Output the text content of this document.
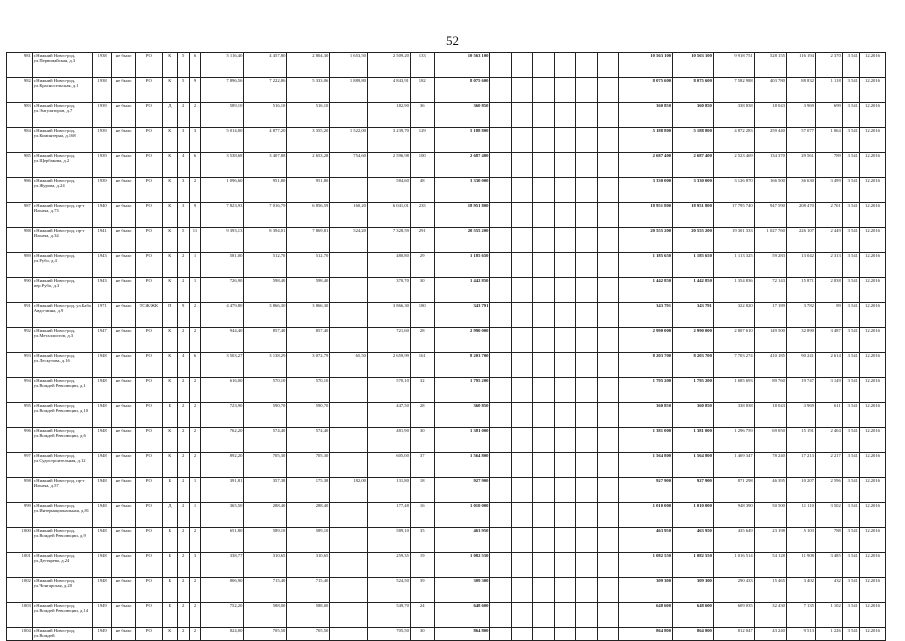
52
981	г.Нижний Новго-род, ул.Первомайская, д.3	1938	не было	РО	К	5	6	5 116,40	4 457,80	2 804,30	1 653,50	2 509,20	133	10 563 100							10 563 100	10 563 100	9 918 751	528 155	116 194	2 370	3 541	12.2016
982	г.Нижний Новго-род, ул.Красносельская, д.1	1938	не было	РО	К	5	9	7 896,56	7 222,86	5 333,06	1 889,80	4 843,91	182	8 075 600							8 075 600	8 075 600	7 582 988	403 780	88 832	1 118	3 541	12.2016
983	г.Нижний Новго-род, ул.Энгуляторов, д.7	1939	не было	РО	Д	2	2	589,10	516,10	516,10		182,90	36	360 850							360 850	360 850	338 838	18 043	3 969	699	3 541	12.2016
984	г.Нижний Новго-род, ул.Коминтерна, д.168	1939	не было	РО	К	3	3	5 014,00	4 877,20	3 355,20	1 522,00	3 239,70	129	5 188 800							5 188 800	5 188 800	4 872 283	259 440	57 077	1 064	3 541	12.2016
985	г.Нижний Новго-род, ул.Щербакова, д.2	1939	не было	РО	К	4	6	3 538,68	3 407,88	2 653,28	754,60	2 596,98	100	2 687 400							2 687 400	2 687 400	2 523 469	134 370	29 561	789	3 541	12.2016
986	г.Нижний Новго-род, ул.Журова, д.24	1939	не было	РО	К	3	2	1 096,60	951,80	951,80		584,60	48	3 330 000							3 330 000	3 330 000	3 126 870	166 500	36 630	3 499	3 541	12.2016
987	г.Нижний Новго-род, пр-т Ильича, д.73	1940	не было	РО	К	3	9	7 823,93	7 016,79	6 856,59	160,20	6 041,01	235	18 951 800							18 951 800	18 951 800	17 795 740	947 590	208 470	2 701	3 541	12.2016
988	г.Нижний Новго-род, пр-т Ильича, д.34	1941	не было	РО	К	5	11	9 393,13	8 394,01	7 869,81	524,20	7 328,59	291	20 555 200							20 555 200	20 555 200	19 301 333	1 027 760	226 107	2 449	3 541	12.2016
989	г.Нижний Новго-род, ул.Рубо, д.4	1943	не было	РО	К	2	1	581,00	512,70	512,70		480,80	29	1 185 650							1 185 650	1 185 650	1 113 325	59 283	13 042	2 313	3 541	12.2016
990	г.Нижний Новго-род, пер.Рубо, д.3	1943	не было	РО	К	2	1	726,90	598,40	598,40		370,70	30	1 442 850							1 442 850	1 442 850	1 354 836	72 143	15 871	2 838	3 541	12.2016
991	г.Нижний Новго-род, ул.Баба Авдо-мина, д.9	1971	не было	ТСЖ/ЖК	П	9	2	4 479,80	3 866,30	3 866,30		3 866,30	180	343 791							343 791	343 791	322 820	17 189	3 782	89	3 541	12.2016
992	г.Нижний Новго-род, ул.Металлистов, д.3	1947	не было	РО	К	2	2	944,40	857,40	857,40		721,60	28	2 990 000							2 990 000	2 990 000	2 807 610	149 500	32 890	3 487	3 541	12.2016
993	г.Нижний Новго-род, ул.Лескутова, д.16	1948	не было	РО	К	4	6	3 503,27	3 138,29	3 072,79	65,50	2 659,99	161	8 203 700							8 203 700	8 203 700	7 703 274	410 185	90 241	2 614	3 541	12.2016
994	г.Нижний Новго-род, ул.Вождей Революции, д.1	1948	не было	РО	К	2	2	616,00	570,10	570,10		570,10	32	1 795 200							1 795 200	1 795 200	1 685 693	89 760	19 747	3 149	3 541	12.2016
995	г.Нижний Новго-род, ул.Вождей Революции, д.10	1948	не было	РО	Б	2	2	723,90	590,70	590,70		447,50	28	360 850							360 850	360 850	338 838	18 043	3 969	611	3 541	12.2016
996	г.Нижний Новго-род, ул.Вождей Революции, д.6	1948	не было	РО	К	2	2	762,20	574,40	574,40		481,90	30	1 381 000							1 381 000	1 381 000	1 296 759	69 050	15 191	2 404	3 541	12.2016
997	г.Нижний Новго-род, ул.Судостроительная, д.12	1948	не было	РО	К	2	2	892,20	705,30	705,30		605,00	37	1 564 800							1 564 800	1 564 800	1 469 347	78 240	17 213	2 217	3 541	12.2016
998	г.Нижний Новго-род, пр-т Ильича, д.57	1948	не было	РО	Б	2	1	391,81	357,38	175,38	182,00	131,80	18	927 900							927 900	927 900	871 298	46 395	10 207	2 596	3 541	12.2016
999	г.Нижний Новго-род, ул.Интернациональная, д.81	1948	не было	РО	Д	2	1	365,50	288,40	288,40		177,48	16	1 010 000							1 010 000	1 010 000	948 390	50 500	11 110	3 502	3 541	12.2016
1000	г.Нижний Новго-род, ул.Вождей Революции, д.9	1948	не было	РО	Б	2	2	651,80	589,10	589,10		589,10	35	463 950							463 950	463 950	435 649	23 198	5 103	788	3 541	12.2016
1001	г.Нижний Новго-род, ул.Дегтярева, д.24	1948	не было	РО	Б	2	3	338,77	310,65	310,65		259,35	19	1 082 550							1 082 550	1 082 550	1 016 514	54 128	11 908	3 485	3 541	12.2016
1002	г.Нижний Новго-род, ул.Чонгарская, д.20	1948	не было	РО	Б	2	2	806,90	715,40	715,40		524,50	39	309 300							309 300	309 300	290 433	15 465	3 402	432	3 541	12.2016
1003	г.Нижний Новго-род, ул.Вождей Революции, д.14	1949	не было	РО	Б	2	2	752,20	588,00	588,00		549,70	24	648 600							648 600	648 600	609 035	32 430	7 135	1 102	3 541	12.2016
1004	г.Нижний Новго-род, ул.Вождей	1949	не было	РО	К	2	2	824,00	705,50	705,50		705,50	30	864 800							864 800	864 800	812 047	43 240	9 513	1 226	3 541	12.2016
